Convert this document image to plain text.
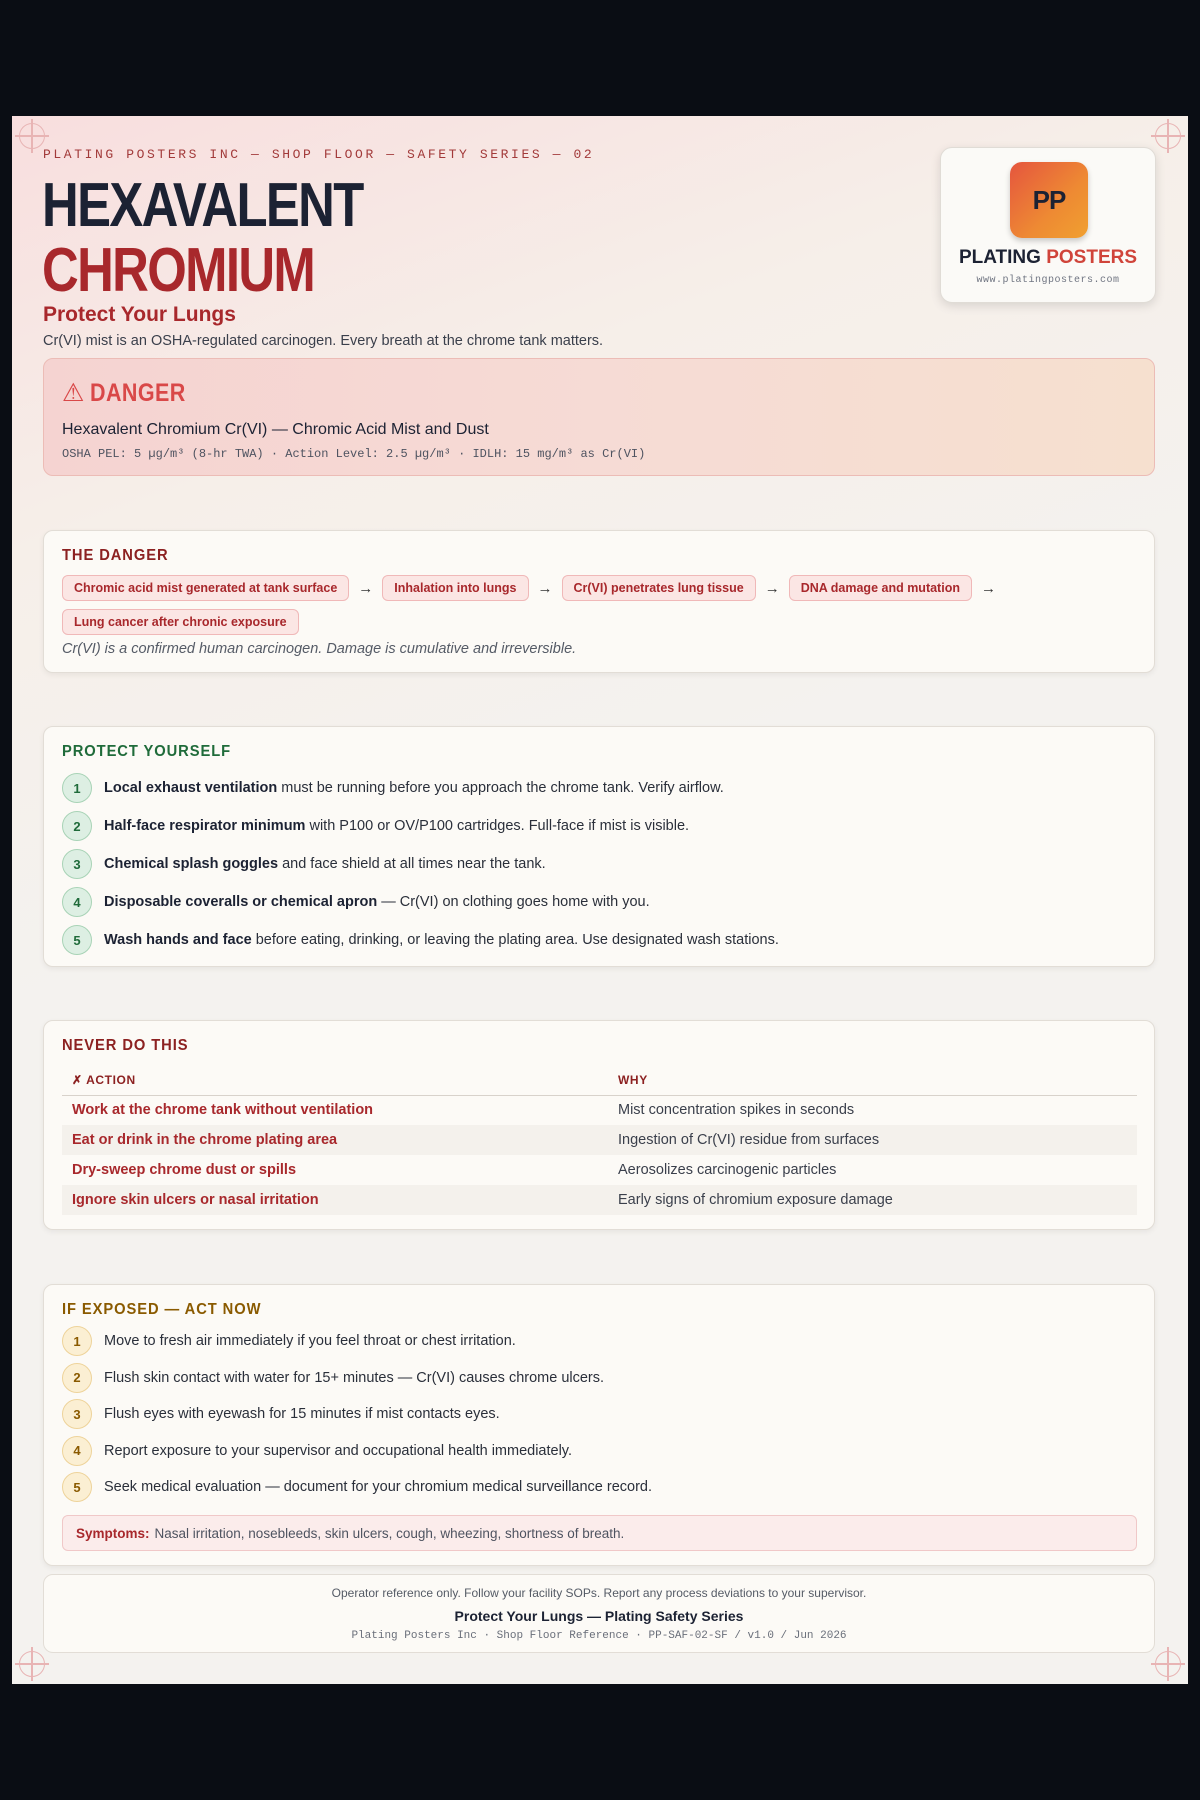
PLATING POSTERS INC — SHOP FLOOR — SAFETY SERIES — 02
HEXAVALENT
CHROMIUM
Protect Your Lungs
Cr(VI) mist is an OSHA-regulated carcinogen. Every breath at the chrome tank matters.
PP
PLATING POSTERS
www.platingposters.com
⚠ DANGER
Hexavalent Chromium Cr(VI) — Chromic Acid Mist and Dust
OSHA PEL: 5 µg/m³ (8-hr TWA) · Action Level: 2.5 µg/m³ · IDLH: 15 mg/m³ as Cr(VI)
THE DANGER
Chromic acid mist generated at tank surface	→	Inhalation into lungs	→	Cr(VI) penetrates lung tissue	→	DNA damage and mutation	→
Lung cancer after chronic exposure
Cr(VI) is a confirmed human carcinogen. Damage is cumulative and irreversible.
PROTECT YOURSELF
1	Local exhaust ventilation must be running before you approach the chrome tank. Verify airflow.
2	Half-face respirator minimum with P100 or OV/P100 cartridges. Full-face if mist is visible.
3	Chemical splash goggles and face shield at all times near the tank.
4	Disposable coveralls or chemical apron — Cr(VI) on clothing goes home with you.
5	Wash hands and face before eating, drinking, or leaving the plating area. Use designated wash stations.
NEVER DO THIS
✗ ACTION	WHY
Work at the chrome tank without ventilation	Mist concentration spikes in seconds
Eat or drink in the chrome plating area	Ingestion of Cr(VI) residue from surfaces
Dry-sweep chrome dust or spills	Aerosolizes carcinogenic particles
Ignore skin ulcers or nasal irritation	Early signs of chromium exposure damage
IF EXPOSED — ACT NOW
1	Move to fresh air immediately if you feel throat or chest irritation.
2	Flush skin contact with water for 15+ minutes — Cr(VI) causes chrome ulcers.
3	Flush eyes with eyewash for 15 minutes if mist contacts eyes.
4	Report exposure to your supervisor and occupational health immediately.
5	Seek medical evaluation — document for your chromium medical surveillance record.
Symptoms: Nasal irritation, nosebleeds, skin ulcers, cough, wheezing, shortness of breath.
Operator reference only. Follow your facility SOPs. Report any process deviations to your supervisor.
Protect Your Lungs — Plating Safety Series
Plating Posters Inc · Shop Floor Reference · PP-SAF-02-SF / v1.0 / Jun 2026
